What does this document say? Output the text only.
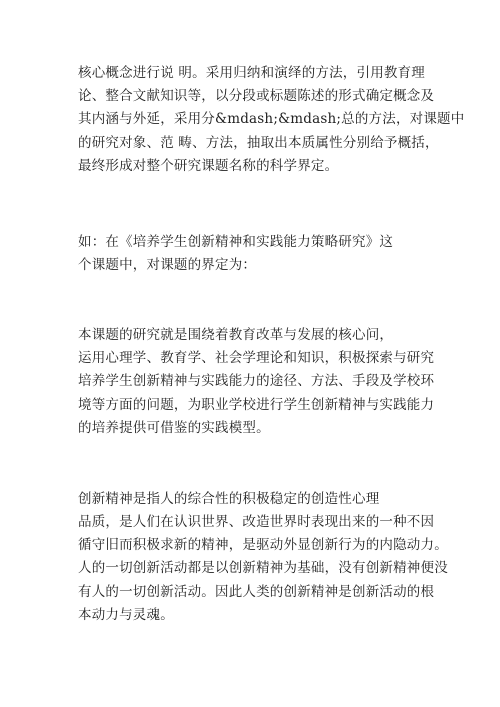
核心概念进行说 明。采用归纳和演绎的方法，引用教育理
论、整合文献知识等，以分段或标题陈述的形式确定概念及
其内涵与外延，采用分&mdash;&mdash;总的方法，对课题中
的研究对象、范 畴、方法，抽取出本质属性分别给予概括，
最终形成对整个研究课题名称的科学界定。
如：在《培养学生创新精神和实践能力策略研究》这
个课题中，对课题的界定为：
本课题的研究就是围绕着教育改革与发展的核心问，
运用心理学、教育学、社会学理论和知识，积极探索与研究
培养学生创新精神与实践能力的途径、方法、手段及学校环
境等方面的问题，为职业学校进行学生创新精神与实践能力
的培养提供可借鉴的实践模型。
创新精神是指人的综合性的积极稳定的创造性心理
品质，是人们在认识世界、改造世界时表现出来的一种不因
循守旧而积极求新的精神，是驱动外显创新行为的内隐动力。
人的一切创新活动都是以创新精神为基础，没有创新精神便没
有人的一切创新活动。因此人类的创新精神是创新活动的根
本动力与灵魂。
